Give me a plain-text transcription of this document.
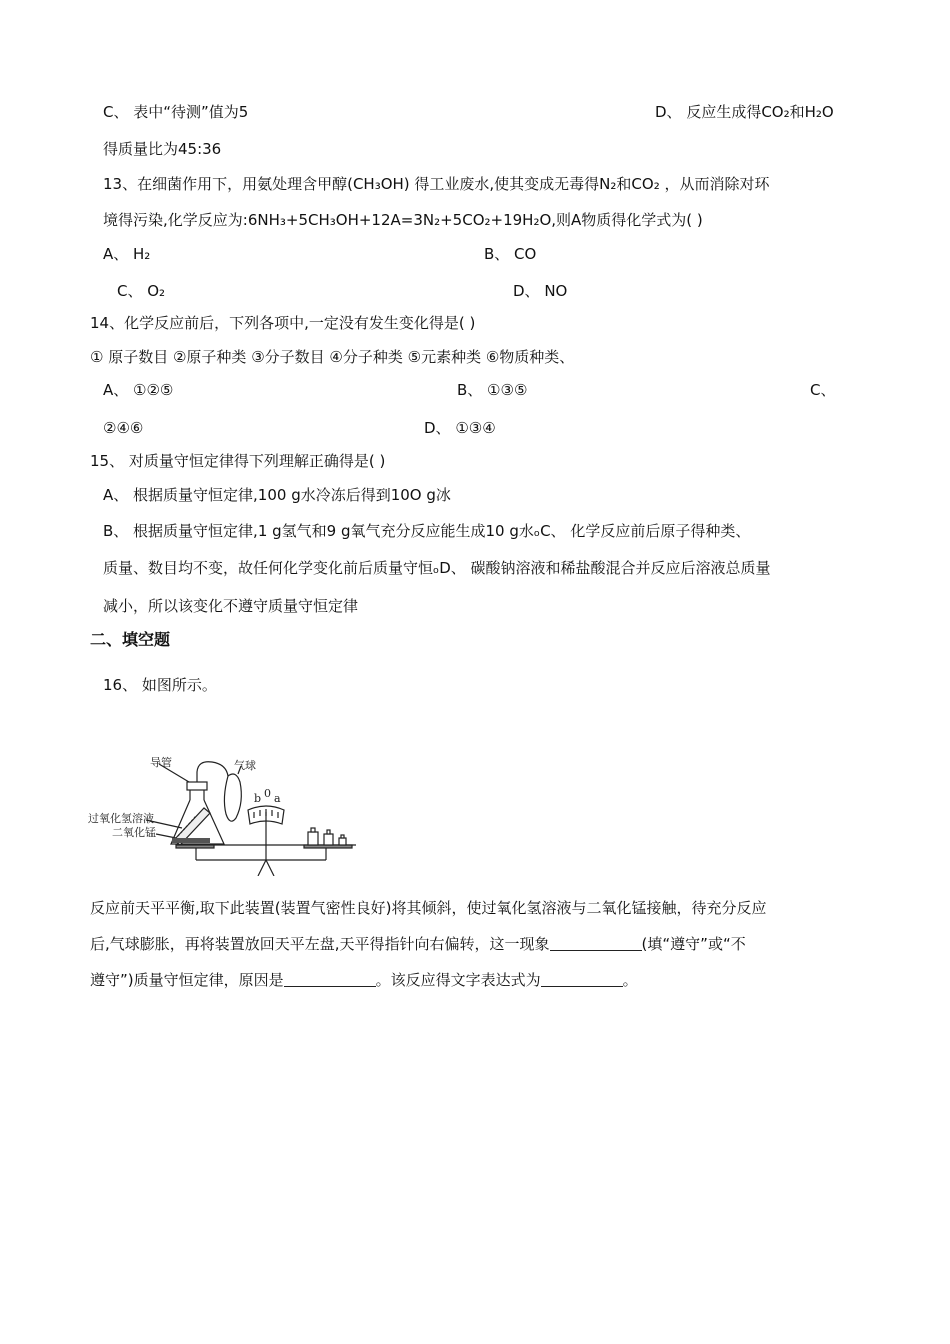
C、 表中“待测”值为5	D、 反应生成得CO₂和H₂O
得质量比为45:36
13、在细菌作用下，用氨处理含甲醇(CH₃OH) 得工业废水,使其变成无毒得N₂和CO₂ ，从而消除对环
境得污染,化学反应为:6NH₃+5CH₃OH+12A=3N₂+5CO₂+19H₂O,则A物质得化学式为( )
A、 H₂	B、 CO
C、 O₂	D、 NO
14、化学反应前后，下列各项中,一定没有发生变化得是( )
① 原子数目 ②原子种类 ③分子数目 ④分子种类 ⑤元素种类 ⑥物质种类、
A、 ①②⑤	B、 ①③⑤	C、
②④⑥	D、 ①③④
15、 对质量守恒定律得下列理解正确得是( )
A、 根据质量守恒定律,100 g水冷冻后得到10O g冰
B、 根据质量守恒定律,1 g氢气和9 g氧气充分反应能生成10 g水ₒC、 化学反应前后原子得种类、
质量、数目均不变，故任何化学变化前后质量守恒ₒD、 碳酸钠溶液和稀盐酸混合并反应后溶液总质量
减小，所以该变化不遵守质量守恒定律
二、填空题
16、 如图所示。
导管	气球
过氧化氢溶液
二氧化锰
b 0 a
反应前天平平衡,取下此装置(装置气密性良好)将其倾斜，使过氧化氢溶液与二氧化锰接触，待充分反应
后,气球膨胀，再将装置放回天平左盘,天平得指针向右偏转，这一现象	(填“遵守”或“不
遵守”)质量守恒定律，原因是	。该反应得文字表达式为	。
